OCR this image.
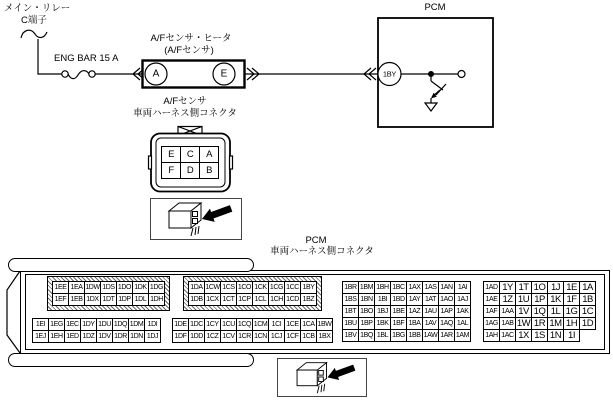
メイン・リレー
C端子
ENG BAR 15 A
A/Fセンサ・ヒータ
(A/Fセンサ)
A	E
PCM
1BY
A/Fセンサ
車両ハーネス側コネクタ
E	C	A
F	D	B
PCM
車両ハーネス側コネクタ
1EE	1EA	1DW	1DS	1DO	1DK	1DG
1EF	1EB	1DX	1DT	1DP	1DL	1DH
1EI	1EG	1EC	1DY	1DU	1DQ	1DM	1DI
1EJ	1EH	1ED	1DZ	1DV	1DR	1DN	1DJ
1DA	1CW	1CS	1CO	1CK	1CG	1CC	1BY
1DB	1CX	1CT	1CP	1CL	1CH	1CD	1BZ
1DE	1DC	1CY	1CU	1CQ	1CM	1CI	1CE	1CA	1BW
1DF	1DD	1CZ	1CV	1CR	1CN	1CJ	1CF	1CB	1BX
1BR	1BM	1BH	1BC	1AX	1AS	1AN	1AI
1BS	1BN	1BI	1BD	1AY	1AT	1AO	1AJ
1BT	1BO	1BJ	1BE	1AZ	1AU	1AP	1AK
1BU	1BP	1BK	1BF	1BA	1AV	1AQ	1AL
1BV	1BQ	1BL	1BG	1BB	1AW	1AR	1AM
1AD	1Y	1T	1O	1J	1E	1A
1AE	1Z	1U	1P	1K	1F	1B
1AF	1AA	1V	1Q	1L	1G	1C
1AG	1AB	1W	1R	1M	1H	1D
1AH	1AC	1X	1S	1N	1I	
